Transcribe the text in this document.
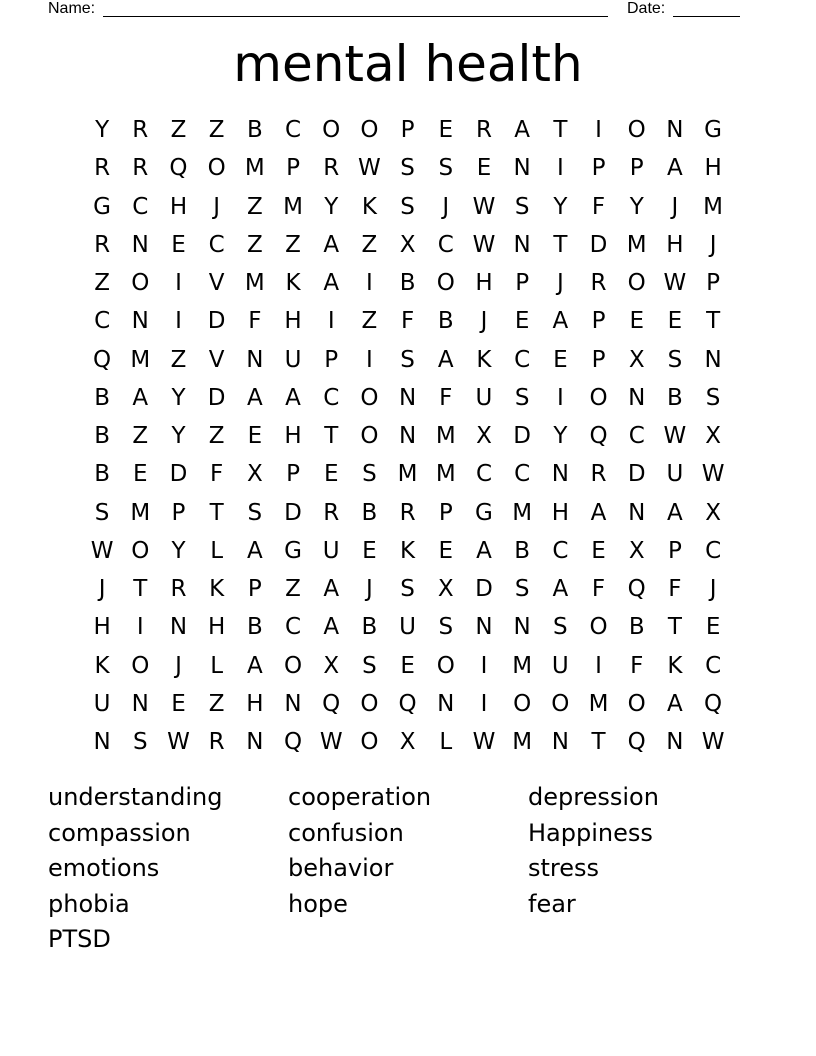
Name:	Date:
mental health
Y	R Z Z B C O O P	E R A	T	I	O N G
R R Q O M P	R W S	S	E N	I	P	P	A H
G C H	J	Z M Y	K	S	J	W S	Y	F	Y	J	M
R N E C Z Z A Z X C W N T D M H	J
Z O	I	V M K A	I	B O H P	J	R O W P
C N	I	D F H	I	Z	F	B	J	E	A	P	E	E	T
Q M Z V N U P	I	S	A K C E	P	X	S N
B A	Y D A A C O N F	U S	I	O N B S
B Z	Y	Z	E H T O N M X D Y Q C W X
B	E D F	X	P	E	S M M C C N R D U W
S M P	T	S D R B R	P G M H A N A X
W O Y	L	A G U E	K	E	A B C E	X	P	C
J	T	R K	P	Z A	J	S	X D S	A	F Q F	J
H	I	N H B C A B U S N N S O B	T	E
K O	J	L	A O X	S	E O	I	M U	I	F	K C
U N E	Z H N Q O Q N	I	O O M O A Q
N S W R N Q W O X	L W M N T Q N W
understanding	cooperation	depression
compassion	confusion	Happiness
emotions	behavior	stress
phobia	hope	fear
PTSD
